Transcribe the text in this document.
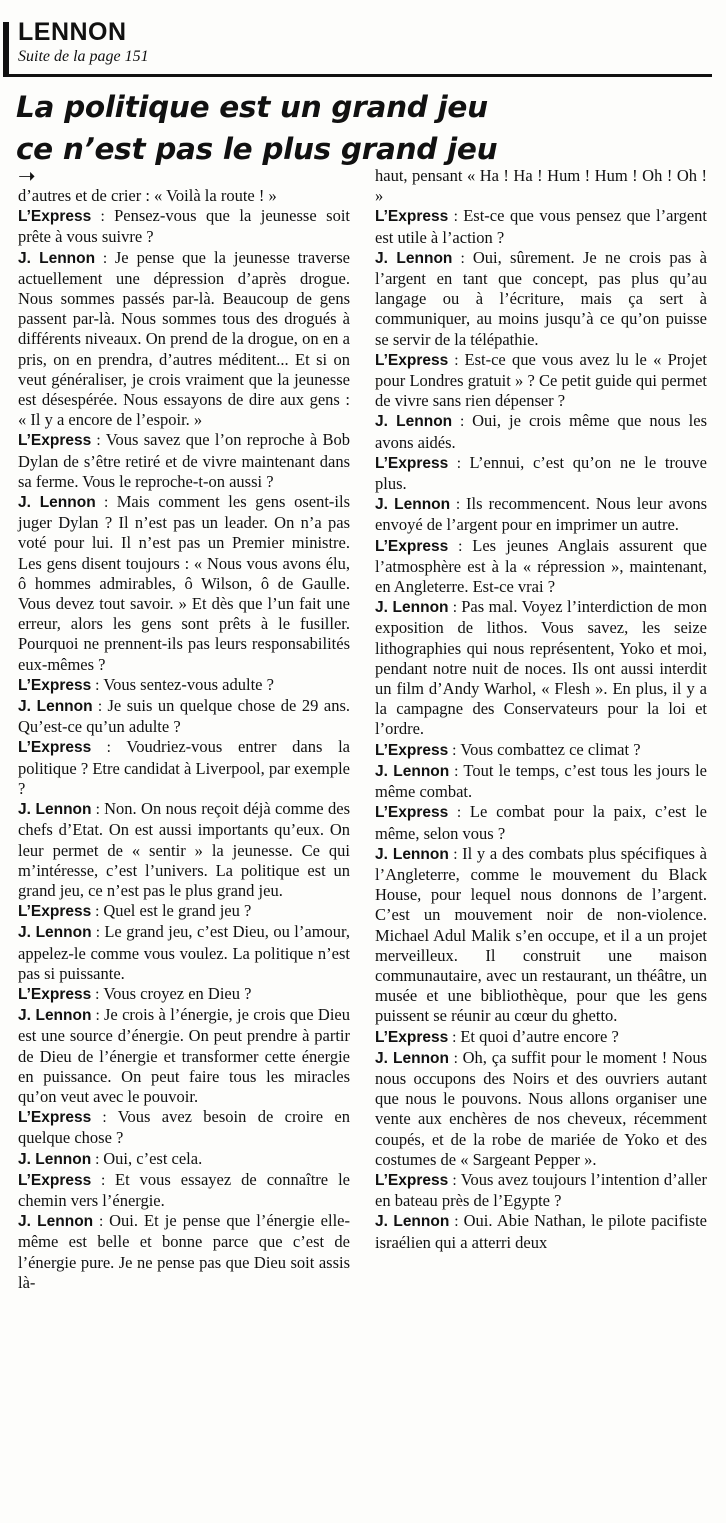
LENNON
Suite de la page 151
La politique est un grand jeu
ce n’est pas le plus grand jeu
➝

d’autres et de crier : « Voilà la route ! »

L’Express : Pensez-vous que la jeunesse soit prête à vous suivre ?

J. Lennon : Je pense que la jeunesse traverse actuellement une dépression d’après drogue. Nous sommes passés par-là. Beaucoup de gens passent par-là. Nous sommes tous des drogués à différents niveaux. On prend de la drogue, on en a pris, on en prendra, d’autres méditent... Et si on veut généraliser, je crois vraiment que la jeunesse est désespérée. Nous essayons de dire aux gens : « Il y a encore de l’espoir. »

L’Express : Vous savez que l’on reproche à Bob Dylan de s’être retiré et de vivre maintenant dans sa ferme. Vous le reproche-t-on aussi ?

J. Lennon : Mais comment les gens osent-ils juger Dylan ? Il n’est pas un leader. On n’a pas voté pour lui. Il n’est pas un Premier ministre. Les gens disent toujours : « Nous vous avons élu, ô hommes admirables, ô Wilson, ô de Gaulle. Vous devez tout savoir. » Et dès que l’un fait une erreur, alors les gens sont prêts à le fusiller. Pourquoi ne prennent-ils pas leurs responsabilités eux-mêmes ?

L’Express : Vous sentez-vous adulte ?

J. Lennon : Je suis un quelque chose de 29 ans. Qu’est-ce qu’un adulte ?

L’Express : Voudriez-vous entrer dans la politique ? Etre candidat à Liverpool, par exemple ?

J. Lennon : Non. On nous reçoit déjà comme des chefs d’Etat. On est aussi importants qu’eux. On leur permet de « sentir » la jeunesse. Ce qui m’intéresse, c’est l’univers. La politique est un grand jeu, ce n’est pas le plus grand jeu.

L’Express : Quel est le grand jeu ?

J. Lennon : Le grand jeu, c’est Dieu, ou l’amour, appelez-le comme vous voulez. La politique n’est pas si puissante.

L’Express : Vous croyez en Dieu ?

J. Lennon : Je crois à l’énergie, je crois que Dieu est une source d’énergie. On peut prendre à partir de Dieu de l’énergie et transformer cette énergie en puissance. On peut faire tous les miracles qu’on veut avec le pouvoir.

L’Express : Vous avez besoin de croire en quelque chose ?

J. Lennon : Oui, c’est cela.

L’Express : Et vous essayez de connaître le chemin vers l’énergie.

J. Lennon : Oui. Et je pense que l’énergie elle-même est belle et bonne parce que c’est de l’énergie pure. Je ne pense pas que Dieu soit assis là-

haut, pensant « Ha ! Ha ! Hum ! Hum ! Oh ! Oh ! »

L’Express : Est-ce que vous pensez que l’argent est utile à l’action ?

J. Lennon : Oui, sûrement. Je ne crois pas à l’argent en tant que concept, pas plus qu’au langage ou à l’écriture, mais ça sert à communiquer, au moins jusqu’à ce qu’on puisse se servir de la télépathie.

L’Express : Est-ce que vous avez lu le « Projet pour Londres gratuit » ? Ce petit guide qui permet de vivre sans rien dépenser ?

J. Lennon : Oui, je crois même que nous les avons aidés.

L’Express : L’ennui, c’est qu’on ne le trouve plus.

J. Lennon : Ils recommencent. Nous leur avons envoyé de l’argent pour en imprimer un autre.

L’Express : Les jeunes Anglais assurent que l’atmosphère est à la « répression », maintenant, en Angleterre. Est-ce vrai ?

J. Lennon : Pas mal. Voyez l’interdiction de mon exposition de lithos. Vous savez, les seize lithographies qui nous représentent, Yoko et moi, pendant notre nuit de noces. Ils ont aussi interdit un film d’Andy Warhol, « Flesh ». En plus, il y a la campagne des Conservateurs pour la loi et l’ordre.

L’Express : Vous combattez ce climat ?

J. Lennon : Tout le temps, c’est tous les jours le même combat.

L’Express : Le combat pour la paix, c’est le même, selon vous ?

J. Lennon : Il y a des combats plus spécifiques à l’Angleterre, comme le mouvement du Black House, pour lequel nous donnons de l’argent. C’est un mouvement noir de non-violence. Michael Adul Malik s’en occupe, et il a un projet merveilleux. Il construit une maison communautaire, avec un restaurant, un théâtre, un musée et une bibliothèque, pour que les gens puissent se réunir au cœur du ghetto.

L’Express : Et quoi d’autre encore ?

J. Lennon : Oh, ça suffit pour le moment ! Nous nous occupons des Noirs et des ouvriers autant que nous le pouvons. Nous allons organiser une vente aux enchères de nos cheveux, récemment coupés, et de la robe de mariée de Yoko et des costumes de « Sargeant Pepper ».

L’Express : Vous avez toujours l’intention d’aller en bateau près de l’Egypte ?

J. Lennon : Oui. Abie Nathan, le pilote pacifiste israélien qui a atterri deux
